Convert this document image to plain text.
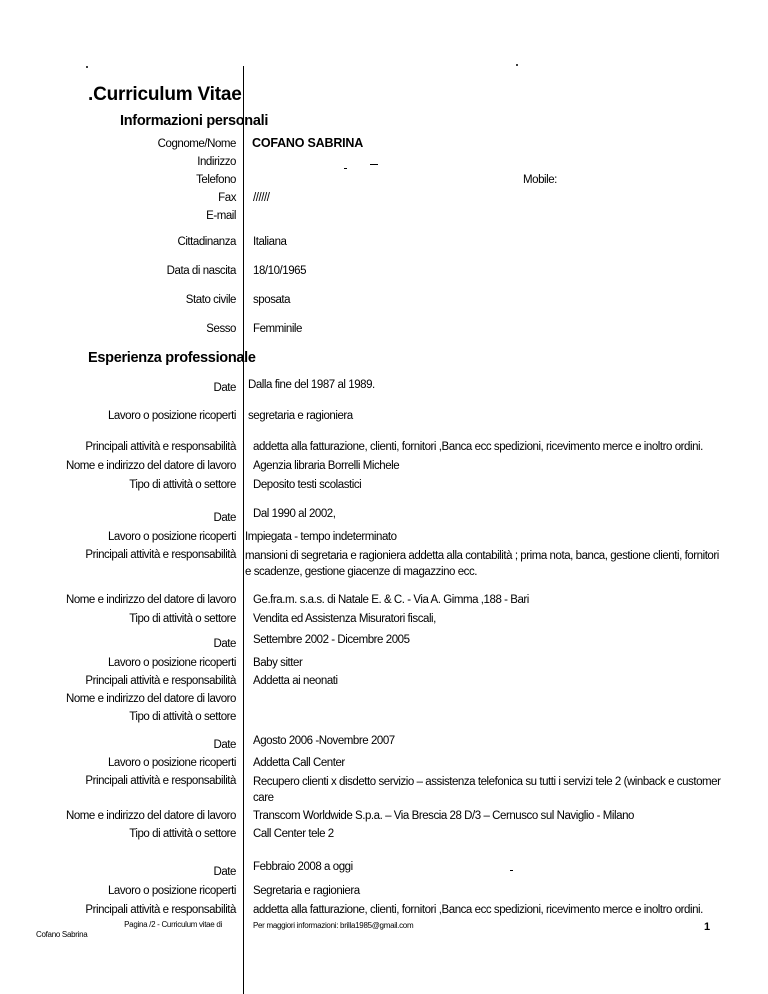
.Curriculum Vitae
Informazioni personali
Cognome/Nome COFANO SABRINA
Indirizzo
Telefono	Mobile:
Fax //////
E-mail
Cittadinanza Italiana
Data di nascita 18/10/1965
Stato civile sposata
Sesso Femminile
Esperienza professionale
Date Dalla fine del 1987 al 1989.
Lavoro o posizione ricoperti segretaria e ragioniera
Principali attività e responsabilità addetta alla fatturazione, clienti, fornitori ,Banca ecc spedizioni, ricevimento merce e inoltro ordini.
Nome e indirizzo del datore di lavoro Agenzia libraria Borrelli Michele
Tipo di attività o settore Deposito testi scolastici
Date Dal 1990 al 2002,
Lavoro o posizione ricoperti Impiegata - tempo indeterminato
Principali attività e responsabilità mansioni di segretaria e ragioniera addetta alla contabilità ; prima nota, banca, gestione clienti, fornitori e scadenze, gestione giacenze di magazzino ecc.
Nome e indirizzo del datore di lavoro Ge.fra.m. s.a.s. di Natale E. & C. - Via A. Gimma ,188 - Bari
Tipo di attività o settore Vendita ed Assistenza Misuratori fiscali,
Date Settembre 2002 - Dicembre 2005
Lavoro o posizione ricoperti Baby sitter
Principali attività e responsabilità Addetta ai neonati
Nome e indirizzo del datore di lavoro
Tipo di attività o settore
Date Agosto 2006 -Novembre 2007
Lavoro o posizione ricoperti Addetta Call Center
Principali attività e responsabilità Recupero clienti x disdetto servizio – assistenza telefonica su tutti i servizi tele 2 (winback e customer care
Nome e indirizzo del datore di lavoro Transcom Worldwide S.p.a. – Via Brescia 28 D/3 – Cernusco sul Naviglio - Milano
Tipo di attività o settore Call Center tele 2
Date Febbraio 2008 a oggi
Lavoro o posizione ricoperti Segretaria e ragioniera
Principali attività e responsabilità addetta alla fatturazione, clienti, fornitori ,Banca ecc spedizioni, ricevimento merce e inoltro ordini.
Pagina /2 - Curriculum vitae di
Cofano Sabrina
Per maggiori informazioni: brilla1985@gmail.com	1
